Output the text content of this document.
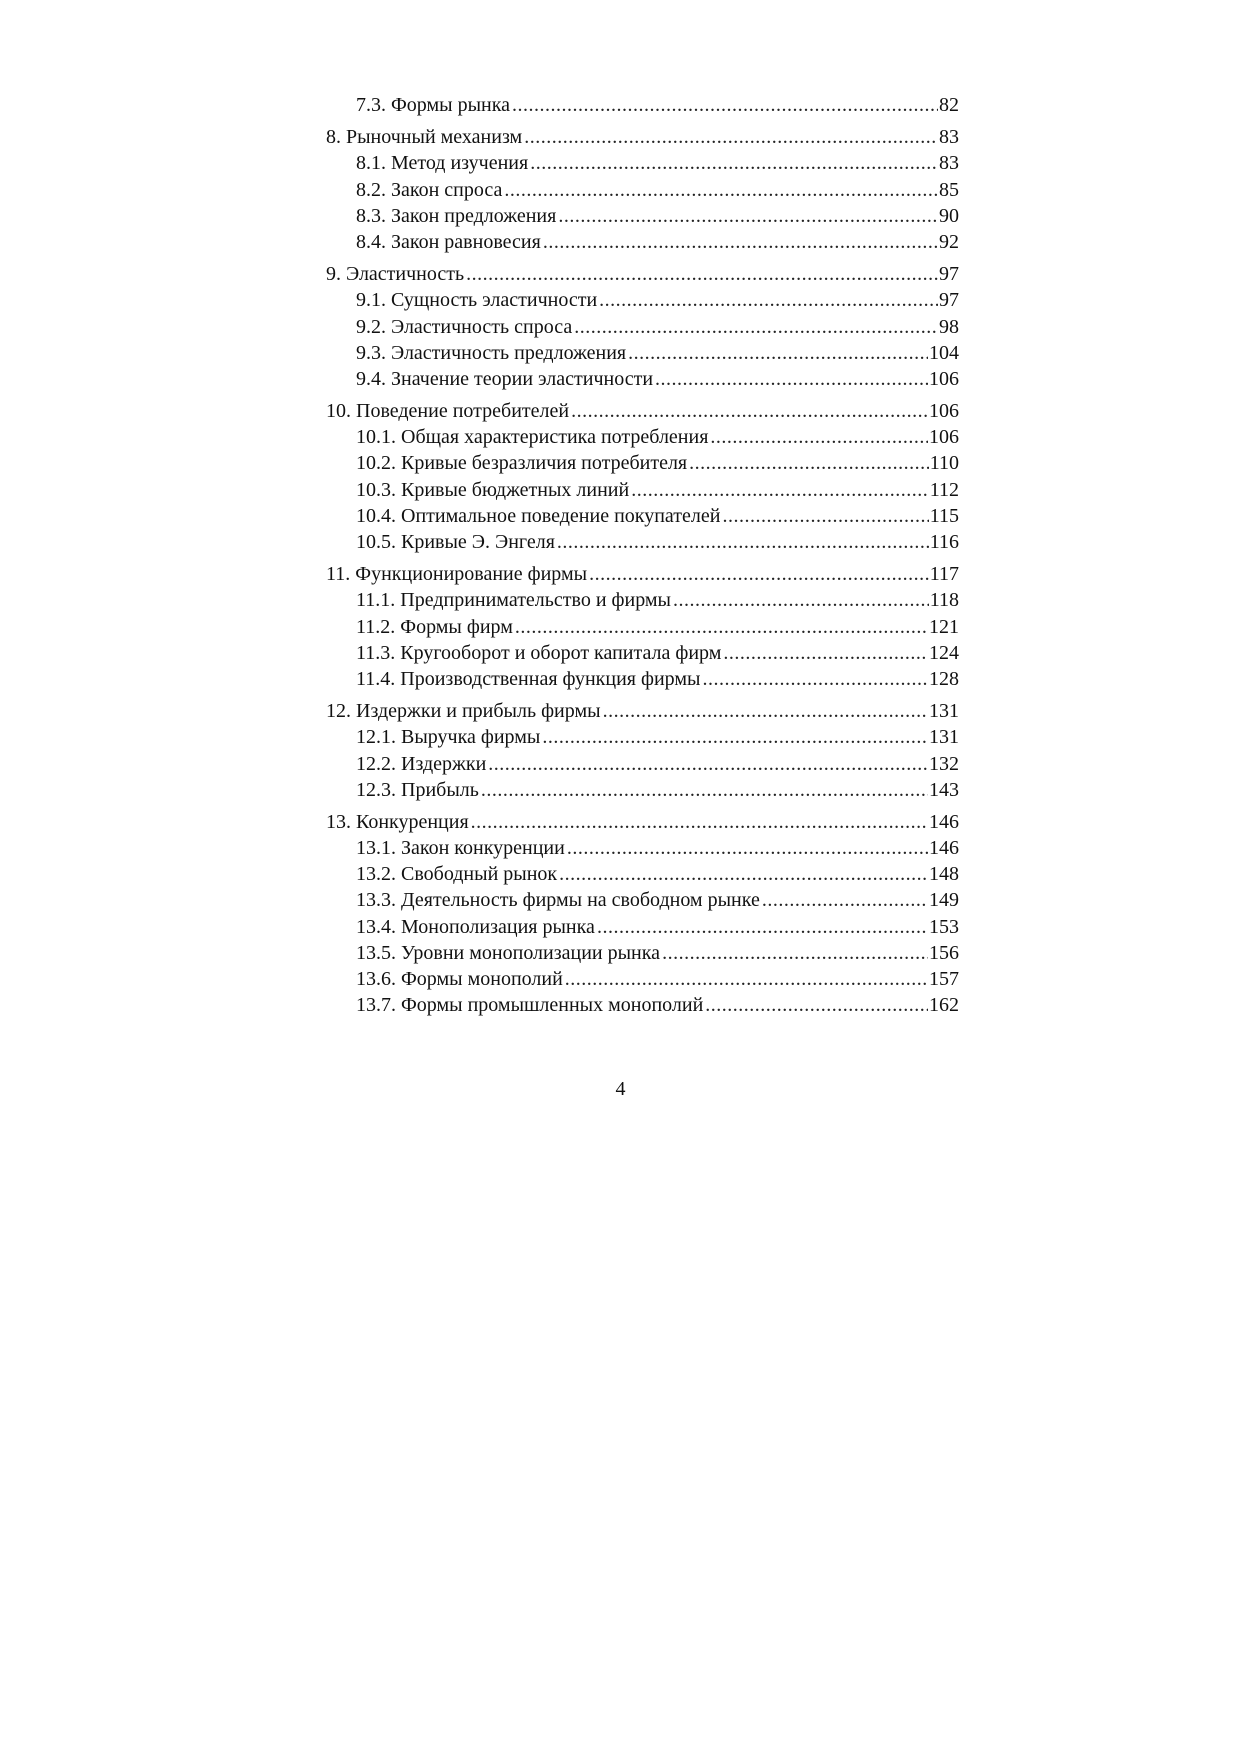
7.3. Формы рынка .....	82
8. Рыночный механизм .....	83
8.1. Метод изучения .....	83
8.2. Закон спроса .....	85
8.3. Закон предложения .....	90
8.4. Закон равновесия .....	92
9. Эластичность .....	97
9.1. Сущность эластичности .....	97
9.2. Эластичность спроса .....	98
9.3. Эластичность предложения .....	104
9.4. Значение теории эластичности .....	106
10. Поведение потребителей .....	106
10.1. Общая характеристика потребления .....	106
10.2. Кривые безразличия потребителя .....	110
10.3. Кривые бюджетных линий .....	112
10.4. Оптимальное поведение покупателей .....	115
10.5. Кривые Э. Энгеля .....	116
11. Функционирование фирмы .....	117
11.1. Предпринимательство и фирмы .....	118
11.2. Формы фирм .....	121
11.3. Кругооборот и оборот капитала фирм .....	124
11.4. Производственная функция фирмы .....	128
12. Издержки и прибыль фирмы .....	131
12.1. Выручка фирмы .....	131
12.2. Издержки .....	132
12.3. Прибыль .....	143
13. Конкуренция .....	146
13.1. Закон конкуренции .....	146
13.2. Свободный рынок .....	148
13.3. Деятельность фирмы на свободном рынке .....	149
13.4. Монополизация рынка .....	153
13.5. Уровни монополизации рынка .....	156
13.6. Формы монополий .....	157
13.7. Формы промышленных монополий .....	162
4
